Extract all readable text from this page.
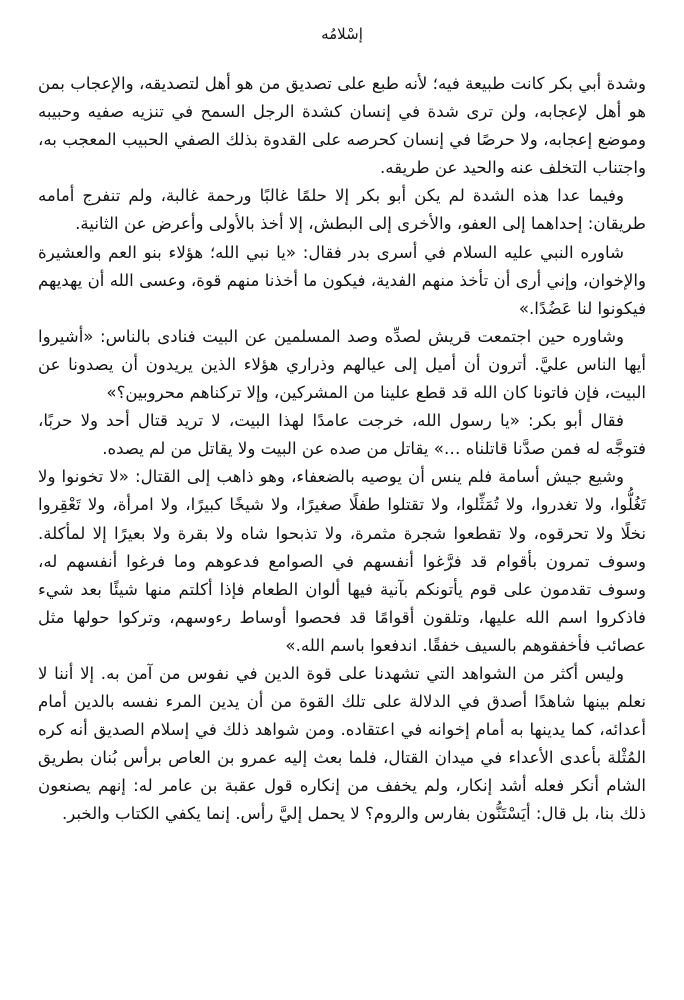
إسْلامُه

وشدة أبي بكر كانت طبيعة فيه؛ لأنه طبع على تصديق من هو أهل لتصديقه، والإعجاب بمن هو أهل لإعجابه، ولن ترى شدة في إنسان كشدة الرجل السمح في تنزيه صفيه وحبيبه وموضع إعجابه، ولا حرصًا في إنسان كحرصه على القدوة بذلك الصفي الحبيب المعجب به، واجتناب التخلف عنه والحيد عن طريقه.

وفيما عدا هذه الشدة لم يكن أبو بكر إلا حلمًا غالبًا ورحمة غالبة، ولم تنفرج أمامه طريقان: إحداهما إلى العفو، والأخرى إلى البطش، إلا أخذ بالأولى وأعرض عن الثانية.

شاوره النبي عليه السلام في أسرى بدر فقال: «يا نبي الله؛ هؤلاء بنو العم والعشيرة والإخوان، وإني أرى أن تأخذ منهم الفدية، فيكون ما أخذنا منهم قوة، وعسى الله أن يهديهم فيكونوا لنا عَضُدًا.»

وشاوره حين اجتمعت قريش لصدِّه وصد المسلمين عن البيت فنادى بالناس: «أشيروا أيها الناس عليَّ. أترون أن أميل إلى عيالهم وذراري هؤلاء الذين يريدون أن يصدونا عن البيت، فإن فاتونا كان الله قد قطع علينا من المشركين، وإلا تركناهم محروبين؟»

فقال أبو بكر: «يا رسول الله، خرجت عامدًا لهذا البيت، لا تريد قتال أحد ولا حربًا، فتوجَّه له فمن صدَّنا قاتلناه …» يقاتل من صده عن البيت ولا يقاتل من لم يصده.

وشيع جيش أسامة فلم ينس أن يوصيه بالضعفاء، وهو ذاهب إلى القتال: «لا تخونوا ولا تَغُلُّوا، ولا تغدروا، ولا تُمَثِّلوا، ولا تقتلوا طفلًا صغيرًا، ولا شيخًا كبيرًا، ولا امرأة، ولا تَعْقِروا نخلًا ولا تحرقوه، ولا تقطعوا شجرة مثمرة، ولا تذبحوا شاه ولا بقرة ولا بعيرًا إلا لمأكلة. وسوف تمرون بأقوام قد فرَّغوا أنفسهم في الصوامع فدعوهم وما فرغوا أنفسهم له، وسوف تقدمون على قوم يأتونكم بآنية فيها ألوان الطعام فإذا أكلتم منها شيئًا بعد شيء فاذكروا اسم الله عليها، وتلقون أقوامًا قد فحصوا أوساط رءوسهم، وتركوا حولها مثل عصائب فأخفقوهم بالسيف خفقًا. اندفعوا باسم الله.»

وليس أكثر من الشواهد التي تشهدنا على قوة الدين في نفوس من آمن به. إلا أننا لا نعلم بينها شاهدًا أصدق في الدلالة على تلك القوة من أن يدين المرء نفسه بالدين أمام أعدائه، كما يدينها به أمام إخوانه في اعتقاده. ومن شواهد ذلك في إسلام الصديق أنه كره المُثْلة بأعدى الأعداء في ميدان القتال، فلما بعث إليه عمرو بن العاص برأس بُنان بطريق الشام أنكر فعله أشد إنكار، ولم يخفف من إنكاره قول عقبة بن عامر له: إنهم يصنعون ذلك بنا، بل قال: أيَسْتَنُّون بفارس والروم؟ لا يحمل إليَّ رأس. إنما يكفي الكتاب والخبر.
